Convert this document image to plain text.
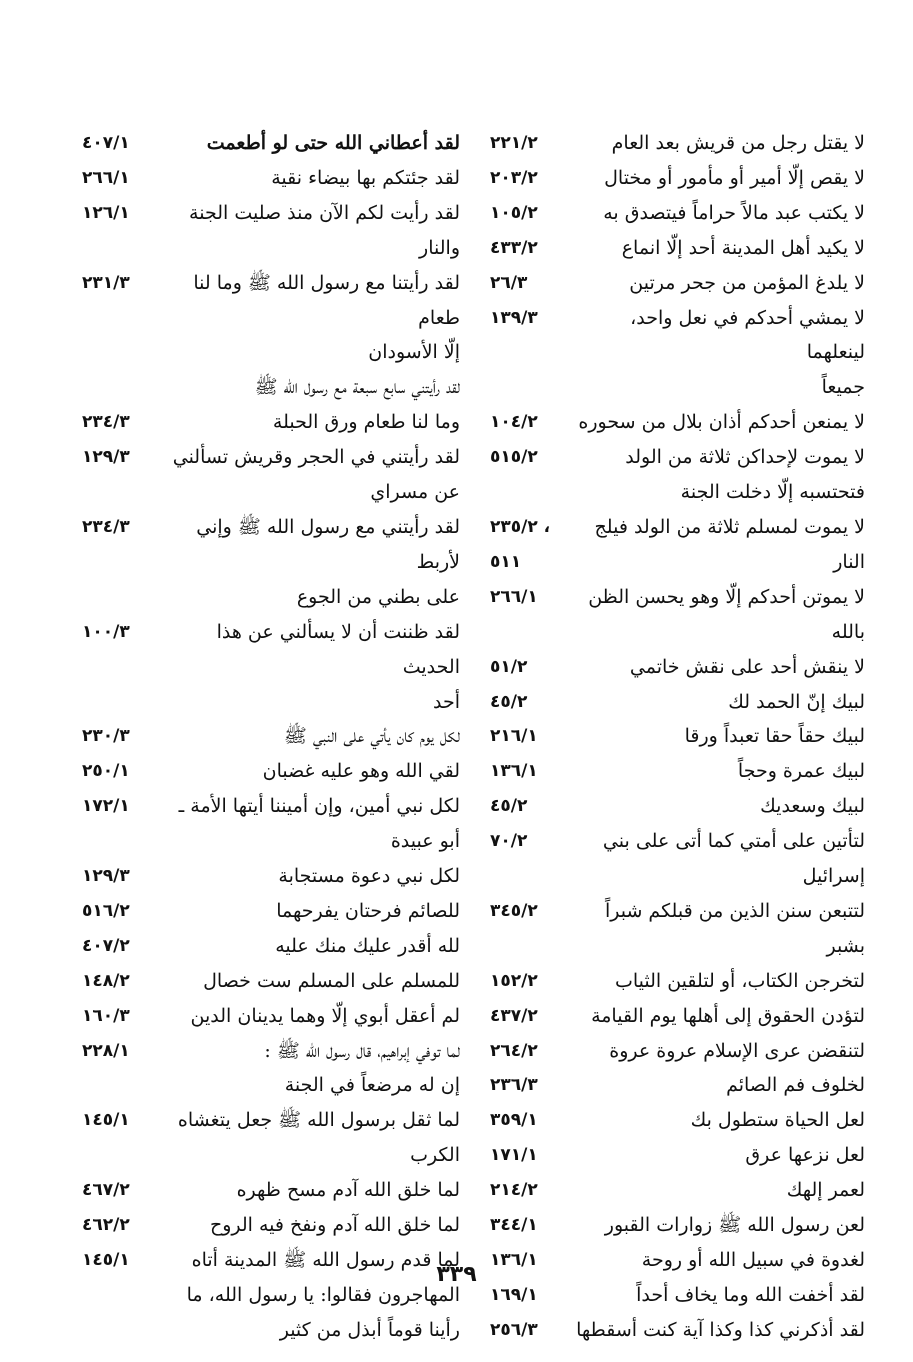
لا يقتل رجل من قريش بعد العام
٢٢١/٢
لا يقص إلّا أمير أو مأمور أو مختال
٢٠٣/٢
لا يكتب عبد مالاً حراماً فيتصدق به
١٠٥/٢
لا يكيد أهل المدينة أحد إلّا انماع
٤٣٣/٢
لا يلدغ المؤمن من جحر مرتين
٢٦/٣
لا يمشي أحدكم في نعل واحد، لينعلهما
١٣٩/٣
جميعاً
لا يمنعن أحدكم أذان بلال من سحوره
١٠٤/٢
لا يموت لإحداكن ثلاثة من الولد
٥١٥/٢
فتحتسبه إلّا دخلت الجنة
لا يموت لمسلم ثلاثة من الولد فيلج
٢٣٥/٢ ،
النار
٥١١
لا يموتن أحدكم إلّا وهو يحسن الظن بالله
٢٦٦/١
لا ينقش أحد على نقش خاتمي
٥١/٢
لبيك إنّ الحمد لك
٤٥/٢
لبيك حقاً حقا تعبداً ورقا
٢١٦/١
لبيك عمرة وحجاً
١٣٦/١
لبيك وسعديك
٤٥/٢
لتأتين على أمتي كما أتى على بني إسرائيل
٧٠/٢
لتتبعن سنن الذين من قبلكم شبراً بشبر
٣٤٥/٢
لتخرجن الكتاب، أو لتلقين الثياب
١٥٢/٢
لتؤدن الحقوق إلى أهلها يوم القيامة
٤٣٧/٢
لتنقضن عرى الإسلام عروة عروة
٢٦٤/٢
لخلوف فم الصائم
٢٣٦/٣
لعل الحياة ستطول بك
٣٥٩/١
لعل نزعها عرق
١٧١/١
لعمر إلهك
٢١٤/٢
لعن رسول الله ﷺ زوارات القبور
٣٤٤/١
لغدوة في سبيل الله أو روحة
١٣٦/١
لقد أخفت الله وما يخاف أحداً
١٦٩/١
لقد أذكرني كذا وكذا آية كنت أسقطها
٢٥٦/٣
لقد أعطاني الله حتى لو أطعمت
٤٠٧/١
لقد جئتكم بها بيضاء نقية
٢٦٦/١
لقد رأيت لكم الآن منذ صليت الجنة
١٢٦/١
والنار
لقد رأيتنا مع رسول الله ﷺ وما لنا طعام
٢٣١/٣
إلّا الأسودان
لقد رأيتني سابع سبعة مع رسول الله ﷺ
وما لنا طعام ورق الحبلة
٢٣٤/٣
لقد رأيتني في الحجر وقريش تسألني
١٢٩/٣
عن مسراي
لقد رأيتني مع رسول الله ﷺ وإني لأربط
٢٣٤/٣
على بطني من الجوع
لقد ظننت أن لا يسألني عن هذا الحديث
١٠٠/٣
أحد
لكل يوم كان يأتي على النبي ﷺ
٢٣٠/٣
لقي الله وهو عليه غضبان
٢٥٠/١
لكل نبي أمين، وإن أميننا أيتها الأمة ـ
١٧٢/١
أبو عبيدة
لكل نبي دعوة مستجابة
١٢٩/٣
للصائم فرحتان يفرحهما
٥١٦/٢
لله أقدر عليك منك عليه
٤٠٧/٢
للمسلم على المسلم ست خصال
١٤٨/٢
لم أعقل أبوي إلّا وهما يدينان الدين
١٦٠/٣
لما توفي إبراهيم، قال رسول الله ﷺ :
٢٢٨/١
إن له مرضعاً في الجنة
لما ثقل برسول الله ﷺ جعل يتغشاه الكرب
١٤٥/١
لما خلق الله آدم مسح ظهره
٤٦٧/٢
لما خلق الله آدم ونفخ فيه الروح
٤٦٢/٢
لما قدم رسول الله ﷺ المدينة أتاه
١٤٥/١
المهاجرون فقالوا: يا رسول الله، ما
رأينا قوماً أبذل من كثير
٣٣٩
